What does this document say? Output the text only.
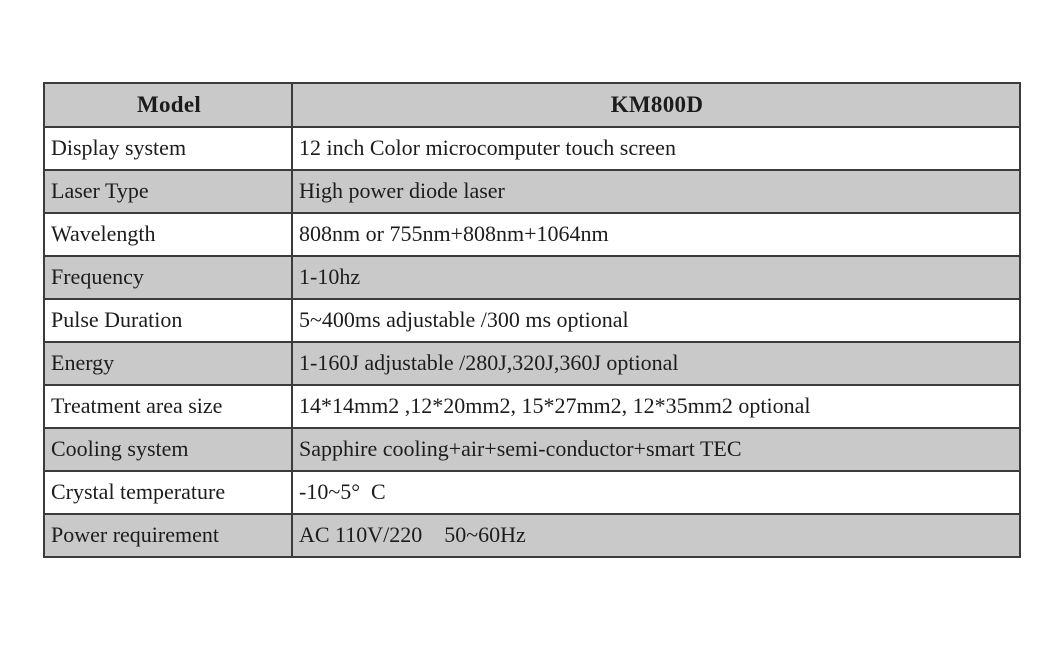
Model	KM800D
Display system	12 inch Color microcomputer touch screen
Laser Type	High power diode laser
Wavelength	808nm or 755nm+808nm+1064nm
Frequency	1-10hz
Pulse Duration	5~400ms adjustable /300 ms optional
Energy	1-160J adjustable /280J,320J,360J optional
Treatment area size	14*14mm2 ,12*20mm2, 15*27mm2, 12*35mm2 optional
Cooling system	Sapphire cooling+air+semi-conductor+smart TEC
Crystal temperature	-10~5°  C
Power requirement	AC 110V/220    50~60Hz
